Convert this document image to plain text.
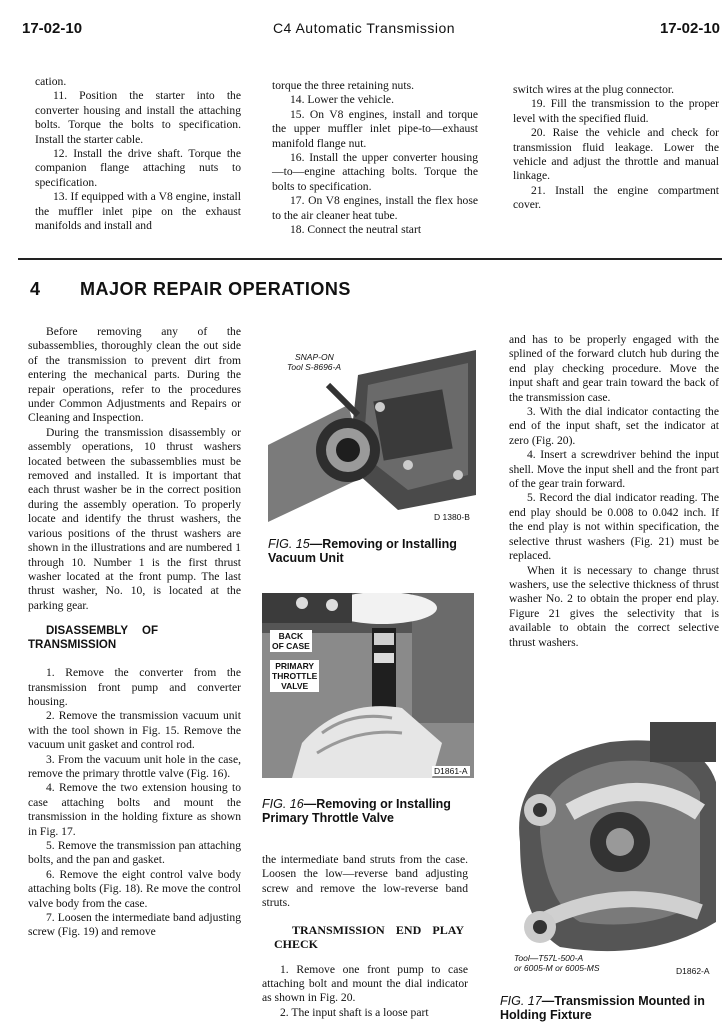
17-02-10	C4 Automatic Transmission	17-02-10

cation.

11. Position the starter into the converter housing and install the attaching bolts. Torque the bolts to specification. Install the starter cable.

12. Install the drive shaft. Torque the companion flange attaching nuts to specification.

13. If equipped with a V8 engine, install the muffler inlet pipe on the exhaust manifolds and install and

torque the three retaining nuts.

14. Lower the vehicle.

15. On V8 engines, install and torque the upper muffler inlet pipe-to—exhaust manifold flange nut.

16. Install the upper converter housing—to—engine attaching bolts. Torque the bolts to specification.

17. On V8 engines, install the flex hose to the air cleaner heat tube.

18. Connect the neutral start

switch wires at the plug connector.

19. Fill the transmission to the proper level with the specified fluid.

20. Raise the vehicle and check for transmission fluid leakage. Lower the vehicle and adjust the throttle and manual linkage.

21. Install the engine compartment cover.

4 MAJOR REPAIR OPERATIONS

Before removing any of the subassemblies, thoroughly clean the out side of the transmission to prevent dirt from entering the mechanical parts. During the repair operations, refer to the procedures under Common Adjustments and Repairs or Cleaning and Inspection.

During the transmission disassembly or assembly operations, 10 thrust washers located between the subassemblies must be removed and installed. It is important that each thrust washer be in the correct position during the assembly operation. To properly locate and identify the thrust washers, the various positions of the thrust washers are shown in the illustrations and are numbered 1 through 10. Number 1 is the first thrust washer located at the front pump. The last thrust washer, No. 10, is located at the parking gear.

DISASSEMBLY OF TRANSMISSION

1. Remove the converter from the transmission front pump and converter housing.

2. Remove the transmission vacuum unit with the tool shown in Fig. 15. Remove the vacuum unit gasket and control rod.

3. From the vacuum unit hole in the case, remove the primary throttle valve (Fig. 16).

4. Remove the two extension housing to case attaching bolts and mount the transmission in the holding fixture as shown in Fig. 17.

5. Remove the transmission pan attaching bolts, and the pan and gasket.

6. Remove the eight control valve body attaching bolts (Fig. 18). Re move the control valve body from the case.

7. Loosen the intermediate band adjusting screw (Fig. 19) and remove

SNAP-ON
Tool S-8696-A
D 1380-B
FIG. 15—Removing or Installing Vacuum Unit
BACK
OF CASE
PRIMARY
THROTTLE
VALVE
D1861-A
FIG. 16—Removing or Installing Primary Throttle Valve

the intermediate band struts from the case. Loosen the low—reverse band adjusting screw and remove the low-reverse band struts.

TRANSMISSION END PLAY CHECK

1. Remove one front pump to case attaching bolt and mount the dial indicator as shown in Fig. 20.

2. The input shaft is a loose part

and has to be properly engaged with the splined of the forward clutch hub during the end play checking procedure. Move the input shaft and gear train toward the back of the transmission case.

3. With the dial indicator contacting the end of the input shaft, set the indicator at zero (Fig. 20).

4. Insert a screwdriver behind the input shell. Move the input shell and the front part of the gear train forward.

5. Record the dial indicator reading. The end play should be 0.008 to 0.042 inch. If the end play is not within specification, the selective thrust washers (Fig. 21) must be replaced.

When it is necessary to change thrust washers, use the selective thickness of thrust washer No. 2 to obtain the proper end play. Figure 21 gives the selectivity that is available to obtain the correct selective thrust washers.

Tool—T57L-500-A
or 6005-M or 6005-MS	D1862-A
FIG. 17—Transmission Mounted in Holding Fixture
